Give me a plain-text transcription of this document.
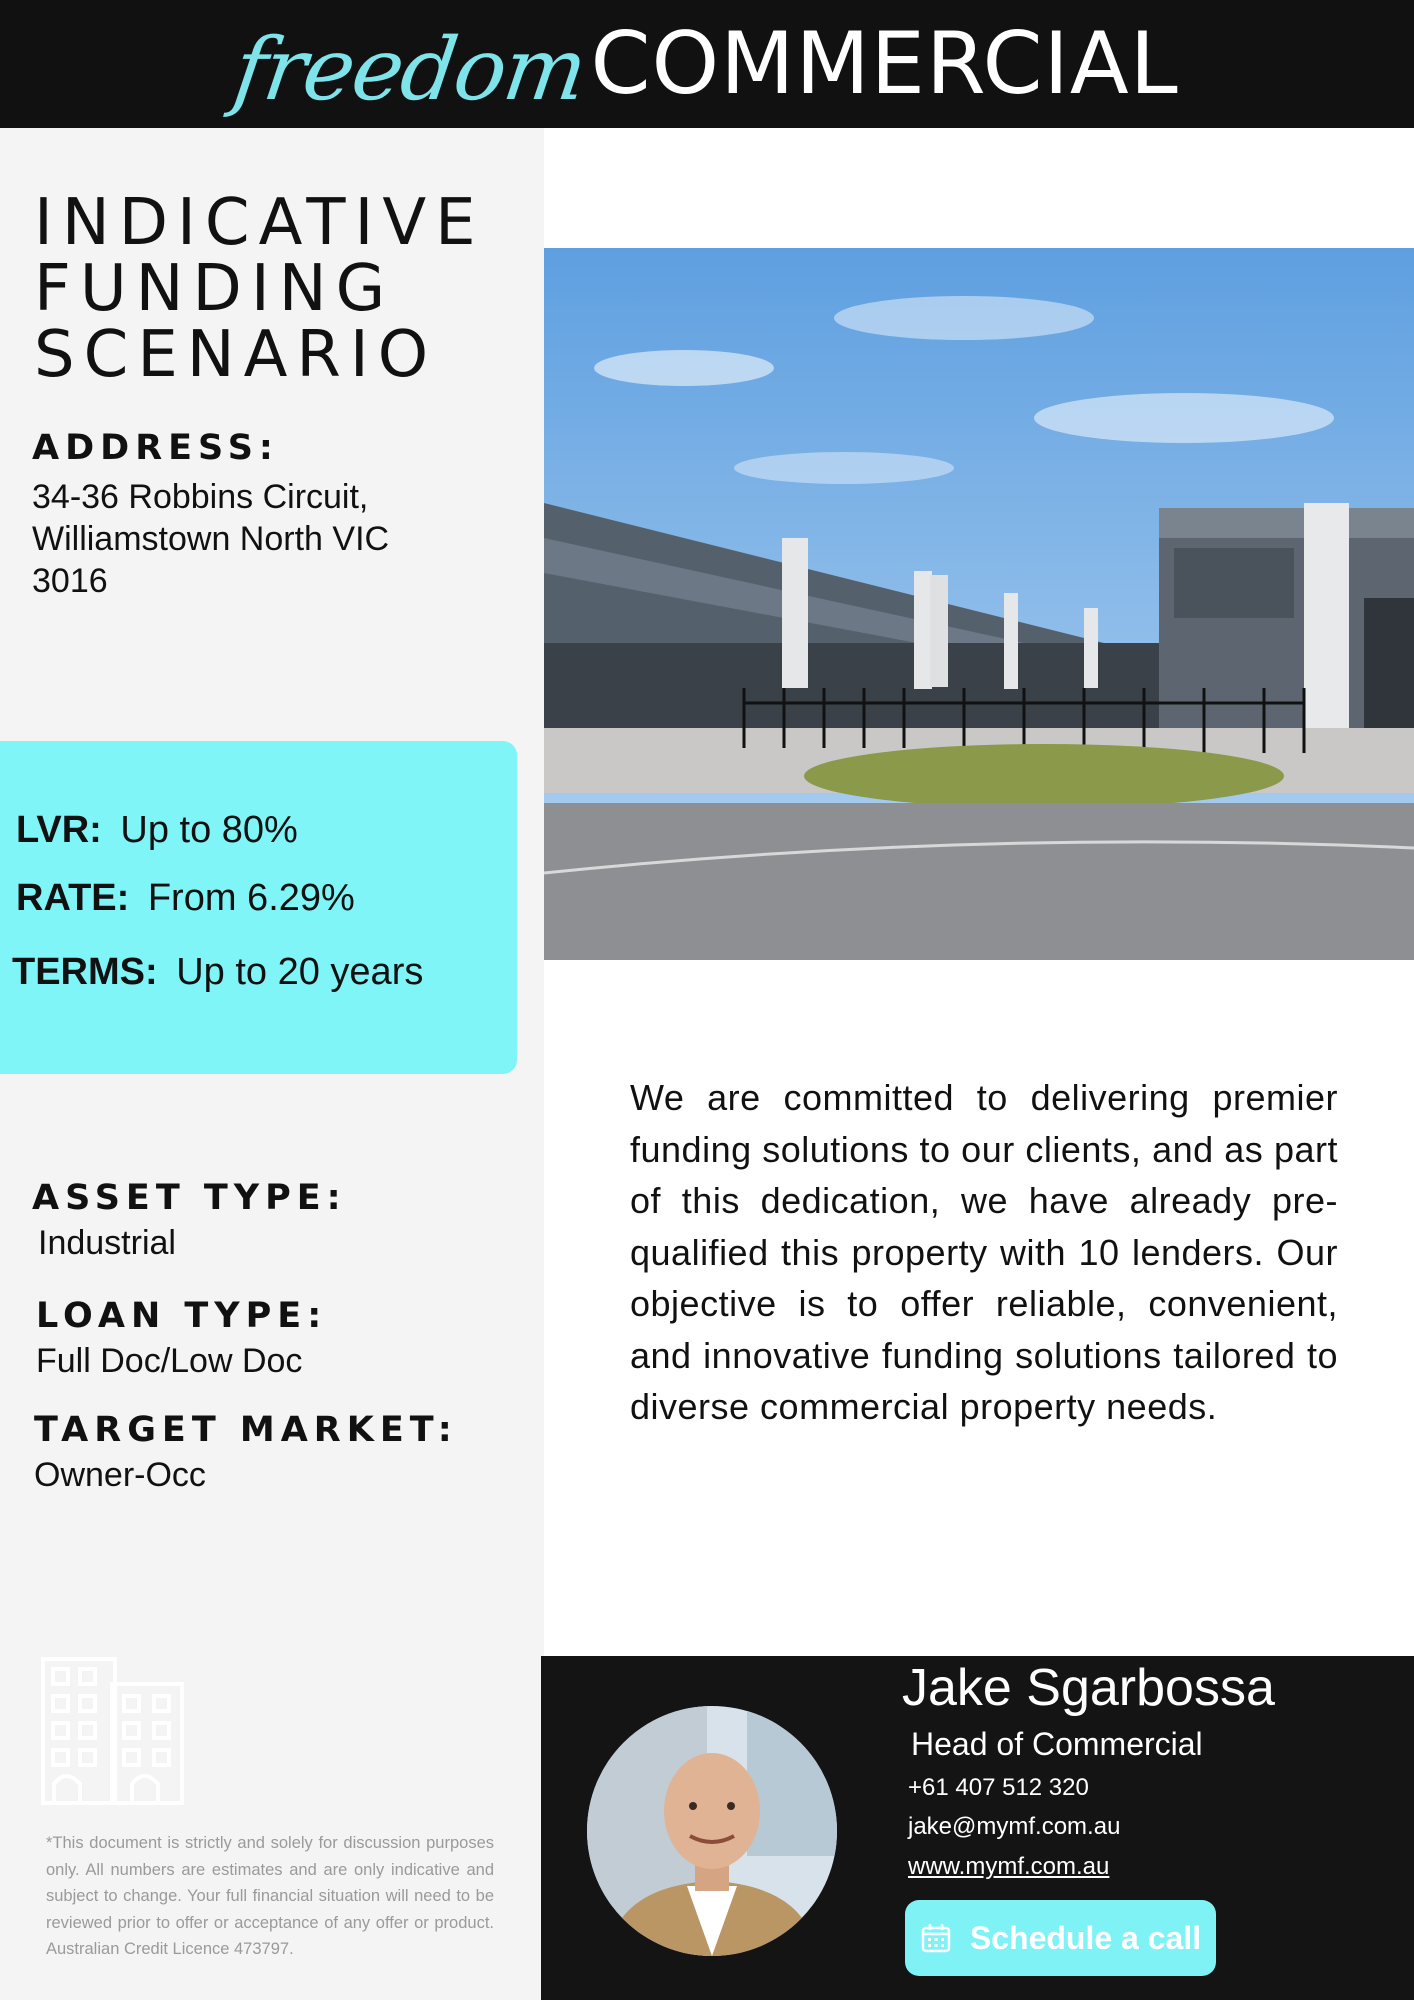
freedom
COMMERCIAL
INDICATIVE
FUNDING
SCENARIO
ADDRESS:
34-36 Robbins Circuit,
Williamstown North VIC
3016
LVR: Up to 80%
RATE: From 6.29%
TERMS: Up to 20 years
ASSET TYPE:
Industrial
LOAN TYPE:
Full Doc/Low Doc
TARGET MARKET:
Owner-Occ

We are committed to delivering premier funding solutions to our clients, and as part of this dedication, we have already pre-qualified this property with 10 lenders. Our objective is to offer reliable, convenient, and innovative funding solutions tailored to diverse commercial property needs.

*This document is strictly and solely for discussion purposes only. All numbers are estimates and are only indicative and subject to change. Your full financial situation will need to be reviewed prior to offer or acceptance of any offer or product. Australian Credit Licence 473797.

Jake Sgarbossa
Head of Commercial
+61 407 512 320
jake@mymf.com.au
www.mymf.com.au
Schedule a call
